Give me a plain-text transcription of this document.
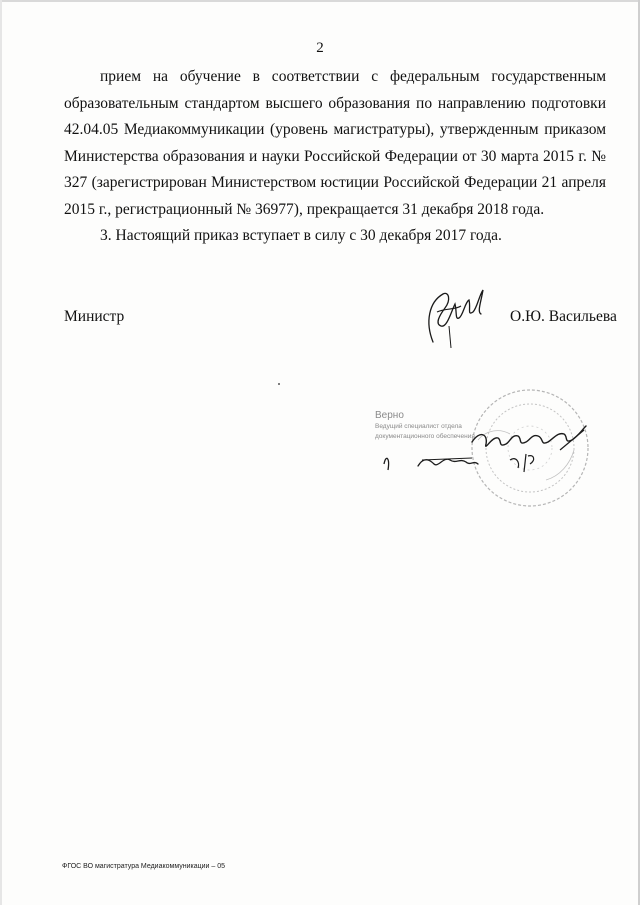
2

прием на обучение в соответствии с федеральным государственным образовательным стандартом высшего образования по направлению подготовки 42.04.05 Медиакоммуникации (уровень магистратуры), утвержденным приказом Министерства образования и науки Российской Федерации от 30 марта 2015 г. № 327 (зарегистрирован Министерством юстиции Российской Федерации 21 апреля 2015 г., регистрационный № 36977), прекращается 31 декабря 2018 года.

3. Настоящий приказ вступает в силу с 30 декабря 2017 года.

Министр	О.Ю. Васильева
Верно
Ведущий специалист отдела
документационного обеспечения
ФГОС ВО магистратура Медиакоммуникации – 05
